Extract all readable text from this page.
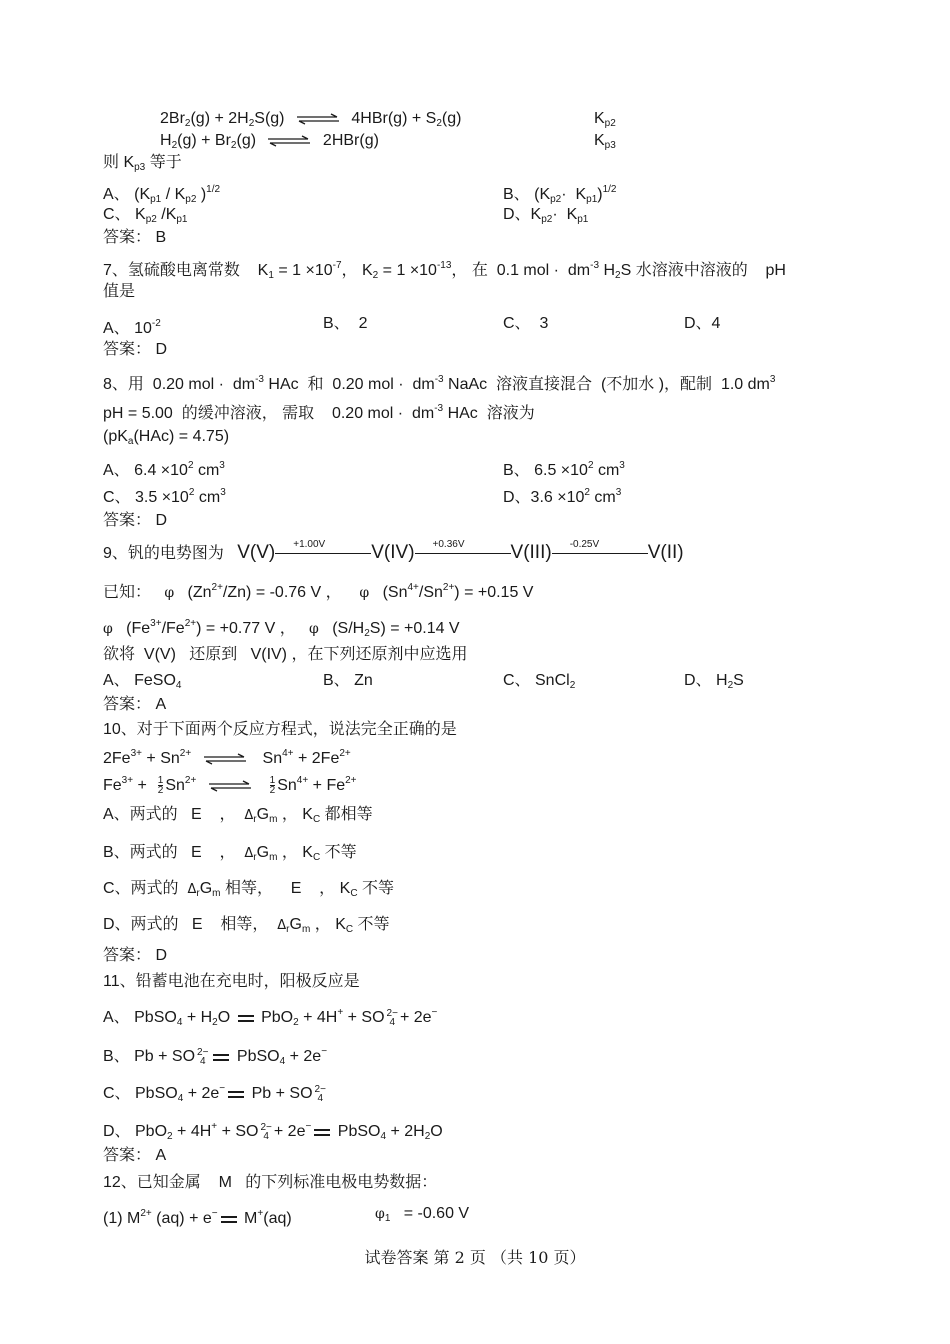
$2Br_2(g) + 2H_2S(g)$ ⇌ $4HBr(g) + S_2(g)$	$K_{p2}$
$H_2(g) + Br_2(g)$ ⇌ 2HBr(g)	$K_{p3}$
则 $K_{p3}$ 等于
A、 ($K_{p1} / K_{p2}$ )$^{1/2}$	B、 $(K_{p2}\cdot K_{p1})^{1/2}$
C、 $K_{p2}$ $/K_{p1}$	D、$K_{p2}\cdot K_{p1}$
答案： B
7、氢硫酸电离常数    $K_1 = 1 \times 10^{-7}$， $K_2 = 1 \times 10^{-13}$， 在  0.1 mol ·  $dm^{-3}$ $H_2S$ 水溶液中溶液的    pH
值是
A、 $10^{-2}$	B、  2	C、  3	D、4
答案： D
8、用  0.20 mol ·  $dm^{-3}$ HAc  和  0.20 mol ·  $dm^{-3}$ NaAc  溶液直接混合  (不加水 )，配制  1.0 $dm^3$
pH = 5.00  的缓冲溶液， 需取    0.20 mol ·  $dm^{-3}$ HAc  溶液为
$(pK_a(HAc) = 4.75)$
A、 $6.4 \times 10^2$ $cm^3$	B、 $6.5 \times 10^2$ $cm^3$
C、 $3.5 \times 10^2$ $cm^3$	D、$3.6 \times 10^2$ $cm^3$
答案： D
9、钒的电势图为 V(V) +1.00V V(IV) +0.36V V(III) -0.25V	V(II)
已知： φ   $(Zn^{2+}/Zn) = -0.76$ V ，    φ   $(Sn^{4+}/Sn^{2+}) = +0.15$ V
φ   $(Fe^{3+}/Fe^{2+}) = +0.77$ V ，   φ   $(S/H_2S) = +0.14$ V
欲将  V(V)   还原到   V(IV) ，在下列还原剂中应选用
A、 FeSO$_4$	B、 Zn	C、 SnCl$_2$	D、 $H_2S$
答案： A
10、对于下面两个反应方程式，说法完全正确的是
$2Fe^{3+} + Sn^{2+}$ ⇌ $Sn^{4+} + 2Fe^{2+}$
$Fe^{3+} + \frac{1}{2} Sn^{2+}$ ⇌ $\frac{1}{2} Sn^{4+} + Fe^{2+}$
A、两式的   E    ，  $\Delta_rG_m$ ， $K_C$ 都相等
B、两式的   E    ，  $\Delta_rG_m$ ， $K_C$ 不等
C、两式的  $\Delta_rG_m$ 相等，    E    ， $K_C$ 不等
D、两式的   E    相等，  $\Delta_rG_m$ ， $K_C$ 不等
答案： D
11、铅蓄电池在充电时，阳极反应是
A、 PbSO$_4$ + $H_2O$  PbO$_2$ + 4H+ + SO 2−
4 + 2e−
B、 Pb + SO 2−
4 PbSO$_4$ + 2e−
C、 PbSO$_4$ + 2e− Pb + SO 2−
4
D、 PbO$_2$ + 4H+ + SO 2−
4 + 2e− PbSO$_4$ + $2H_2O$
答案： A
12、已知金属    M   的下列标准电极电势数据：
(1) $M^{2+}$ (aq) + e− M+(aq)	$\varphi_1 = -0.60$ V
试卷答案 第 2 页 （共 10 页）
